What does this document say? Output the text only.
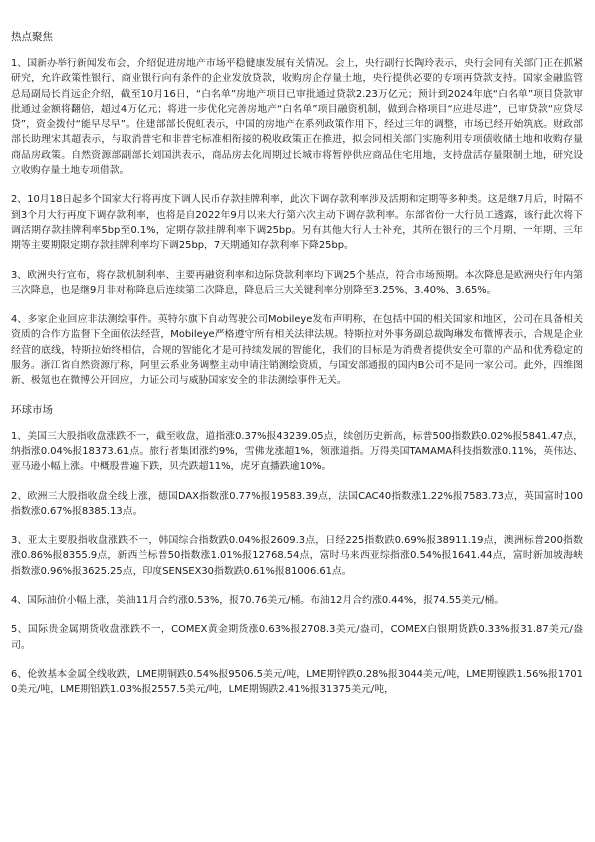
热点聚焦

1、国新办举行新闻发布会，介绍促进房地产市场平稳健康发展有关情况。会上，央行副行长陶玲表示，央行会同有关部门正在抓紧研究，允许政策性银行、商业银行向有条件的企业发放贷款，收购房企存量土地，央行提供必要的专项再贷款支持。国家金融监管总局副局长肖远企介绍，截至10月16日，“白名单”房地产项目已审批通过贷款2.23万亿元；预计到2024年底“白名单”项目贷款审批通过金额将翻倍，超过4万亿元；将进一步优化完善房地产“白名单”项目融资机制，做到合格项目“应进尽进”，已审贷款“应贷尽贷”，资金拨付“能早尽早”。住建部部长倪虹表示，中国的房地产在系列政策作用下，经过三年的调整，市场已经开始筑底。财政部部长助理宋其超表示，与取消普宅和非普宅标准相衔接的税收政策正在推进，拟会同相关部门实施利用专项债收储土地和收购存量商品房政策。自然资源部副部长刘国洪表示，商品房去化周期过长城市将暂停供应商品住宅用地，支持盘活存量限制土地，研究设立收购存量土地专项借款。

2、10月18日起多个国家大行将再度下调人民币存款挂牌利率，此次下调存款利率涉及活期和定期等多种类。这是继7月后，时隔不到3个月大行再度下调存款利率，也将是自2022年9月以来大行第六次主动下调存款利率。东部省份一大行员工透露，该行此次将下调活期存款挂牌利率5bp至0.1%，定期存款挂牌利率下调25bp。另有其他大行人士补充，其所在银行的三个月期、一年期、三年期等主要期限定期存款挂牌利率均下调25bp，7天期通知存款利率下降25bp。

3、欧洲央行宣布，将存款机制利率、主要再融资利率和边际贷款利率均下调25个基点，符合市场预期。本次降息是欧洲央行年内第三次降息，也是继9月非对称降息后连续第二次降息，降息后三大关键利率分别降至3.25%、3.40%、3.65%。

4、多家企业回应非法测绘事件。英特尔旗下自动驾驶公司Mobileye发布声明称，在包括中国的相关国家和地区，公司在具备相关资质的合作方监督下全面依法经营，Mobileye严格遵守所有相关法律法规。特斯拉对外事务副总裁陶琳发布微博表示，合规是企业经营的底线，特斯拉始终相信，合规的智能化才是可持续发展的智能化，我们的目标是为消费者提供安全可靠的产品和优秀稳定的服务。浙江省自然资源厅称，阿里云系业务调整主动申请注销测绘资质，与国安部通报的国内B公司不是同一家公司。此外，四维图新、极氪也在微博公开回应，力证公司与威胁国家安全的非法测绘事件无关。

环球市场

1、美国三大股指收盘涨跌不一，截至收盘，道指涨0.37%报43239.05点，续创历史新高，标普500指数跌0.02%报5841.47点，纳指涨0.04%报18373.61点。旅行者集团涨约9%，雪佛龙涨超1%，领涨道指。万得美国TAMAMA科技指数涨0.11%，英伟达、亚马逊小幅上涨。中概股普遍下跌，贝壳跌超11%，虎牙直播跌逾10%。

2、欧洲三大股指收盘全线上涨，德国DAX指数涨0.77%报19583.39点，法国CAC40指数涨1.22%报7583.73点，英国富时100指数涨0.67%报8385.13点。

3、亚太主要股指收盘涨跌不一，韩国综合指数跌0.04%报2609.3点，日经225指数跌0.69%报38911.19点，澳洲标普200指数涨0.86%报8355.9点，新西兰标普50指数涨1.01%报12768.54点，富时马来西亚综指涨0.54%报1641.44点，富时新加坡海峡指数涨0.96%报3625.25点，印度SENSEX30指数跌0.61%报81006.61点。

4、国际油价小幅上涨，美油11月合约涨0.53%，报70.76美元/桶。布油12月合约涨0.44%，报74.55美元/桶。

5、国际贵金属期货收盘涨跌不一，COMEX黄金期货涨0.63%报2708.3美元/盎司，COMEX白银期货跌0.33%报31.87美元/盎司。

6、伦敦基本金属全线收跌，LME期铜跌0.54%报9506.5美元/吨，LME期锌跌0.28%报3044美元/吨，LME期镍跌1.56%报17010美元/吨，LME期铝跌1.03%报2557.5美元/吨，LME期锡跌2.41%报31375美元/吨，
